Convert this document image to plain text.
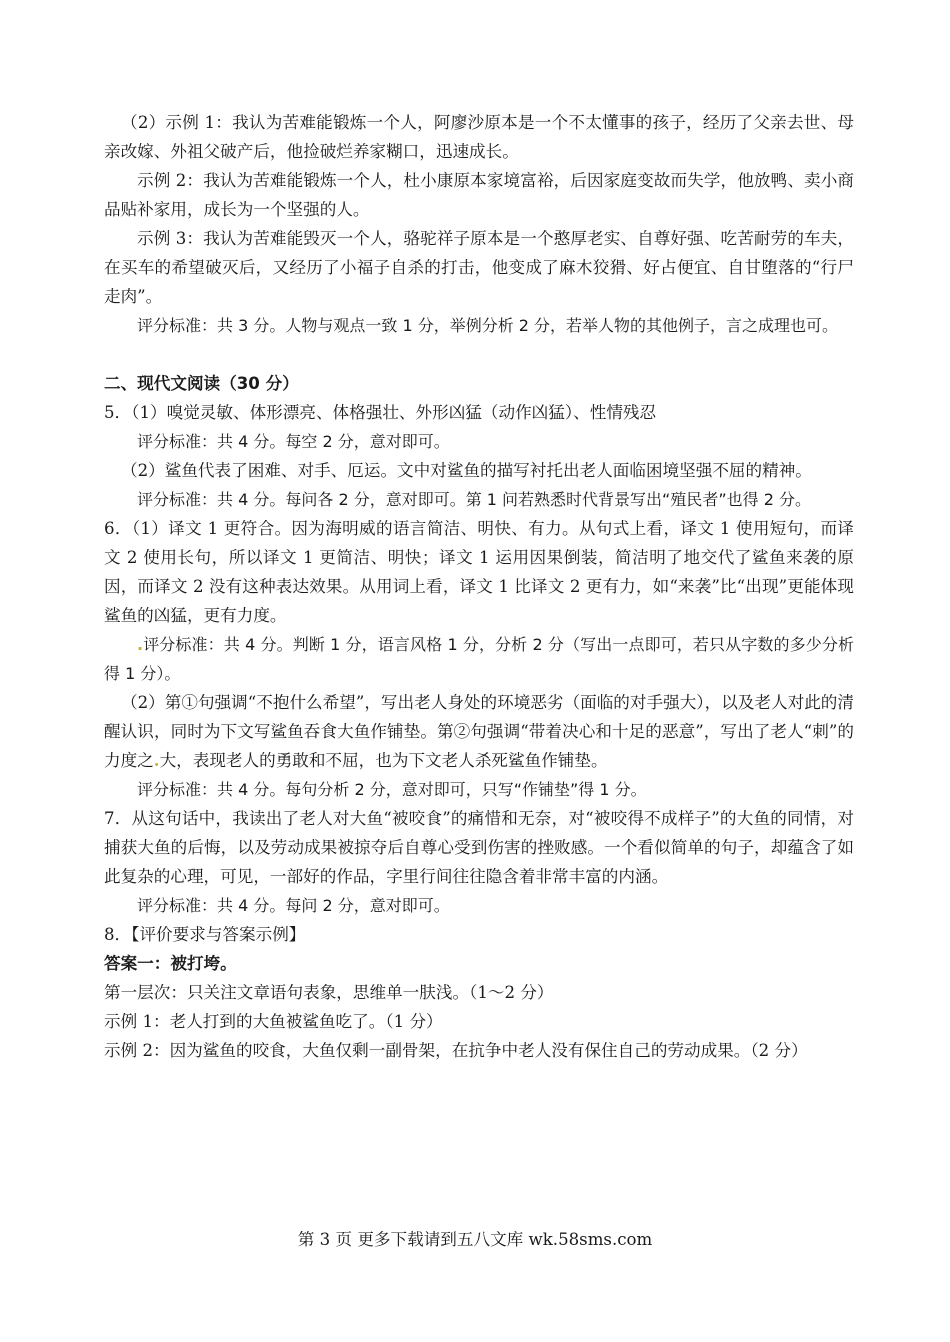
（2）示例 1：我认为苦难能锻炼一个人，阿廖沙原本是一个不太懂事的孩子，经历了父亲去世、母亲改嫁、外祖父破产后，他捡破烂养家糊口，迅速成长。

示例 2：我认为苦难能锻炼一个人，杜小康原本家境富裕，后因家庭变故而失学，他放鸭、卖小商品贴补家用，成长为一个坚强的人。

示例 3：我认为苦难能毁灭一个人，骆驼祥子原本是一个憨厚老实、自尊好强、吃苦耐劳的车夫，在买车的希望破灭后，又经历了小福子自杀的打击，他变成了麻木狡猾、好占便宜、自甘堕落的“行尸走肉”。

评分标准：共 3 分。人物与观点一致 1 分，举例分析 2 分，若举人物的其他例子，言之成理也可。

二、现代文阅读（30 分）

5．（1）嗅觉灵敏、体形漂亮、体格强壮、外形凶猛（动作凶猛）、性情残忍

评分标准：共 4 分。每空 2 分，意对即可。

（2）鲨鱼代表了困难、对手、厄运。文中对鲨鱼的描写衬托出老人面临困境坚强不屈的精神。

评分标准：共 4 分。每问各 2 分，意对即可。第 1 问若熟悉时代背景写出“殖民者”也得 2 分。

6．（1）译文 1 更符合。因为海明威的语言简洁、明快、有力。从句式上看，译文 1 使用短句，而译文 2 使用长句，所以译文 1 更简洁、明快；译文 1 运用因果倒装，简洁明了地交代了鲨鱼来袭的原因，而译文 2 没有这种表达效果。从用词上看，译文 1 比译文 2 更有力，如“来袭”比“出现”更能体现鲨鱼的凶猛，更有力度。

.评分标准：共 4 分。判断 1 分，语言风格 1 分，分析 2 分（写出一点即可，若只从字数的多少分析得 1 分）。

（2）第①句强调“不抱什么希望”，写出老人身处的环境恶劣（面临的对手强大），以及老人对此的清醒认识，同时为下文写鲨鱼吞食大鱼作铺垫。第②句强调“带着决心和十足的恶意”，写出了老人“刺”的力度之.大，表现老人的勇敢和不屈，也为下文老人杀死鲨鱼作铺垫。

评分标准：共 4 分。每句分析 2 分，意对即可，只写“作铺垫”得 1 分。

7．从这句话中，我读出了老人对大鱼“被咬食”的痛惜和无奈，对“被咬得不成样子”的大鱼的同情，对捕获大鱼的后悔，以及劳动成果被掠夺后自尊心受到伤害的挫败感。一个看似简单的句子，却蕴含了如此复杂的心理，可见，一部好的作品，字里行间往往隐含着非常丰富的内涵。

评分标准：共 4 分。每问 2 分，意对即可。

8．【评价要求与答案示例】

答案一：被打垮。

第一层次：只关注文章语句表象，思维单一肤浅。（1～2 分）

示例 1：老人打到的大鱼被鲨鱼吃了。（1 分）

示例 2：因为鲨鱼的咬食，大鱼仅剩一副骨架，在抗争中老人没有保住自己的劳动成果。（2 分）

第 3 页 更多下载请到五八文库 wk.58sms.com
